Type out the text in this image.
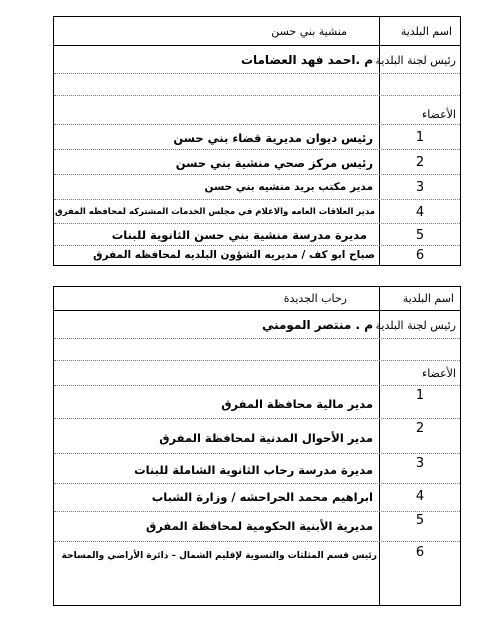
اسم البلدية
منشية بني حسن
رئيس لجنة البلدية
م .احمد فهد العضامات
الأعضاء
1
رئيس ديوان مديرية قضاء بني حسن
2
رئيس مركز صحي منشية بني حسن
3
مدير مكتب بريد منشيه بني حسن
4
مدير العلاقات العامه والاعلام في مجلس الخدمات المشتركه لمحافظه المفرق
5
مديرة مدرسة منشية بني حسن الثانوية للبنات
6
صباح ابو كف / مديريه الشؤون البلديه لمحافظه المفرق
اسم البلدية
رحاب الجديدة
رئيس لجنة البلدية
م . منتصر المومني
الأعضاء
1
مدير مالية محافظة المفرق
2
مدير الأحوال المدنية لمحافظة المفرق
3
مديرة مدرسة رحاب الثانوية الشاملة للبنات
4
ابراهيم محمد الحراحشه / وزارة الشباب
5
مديرية الأبنية الحكومية لمحافظة المفرق
6
رئيس قسم المثلثات والتسوية لإقليم الشمال – دائرة الأراضي والمساحة
